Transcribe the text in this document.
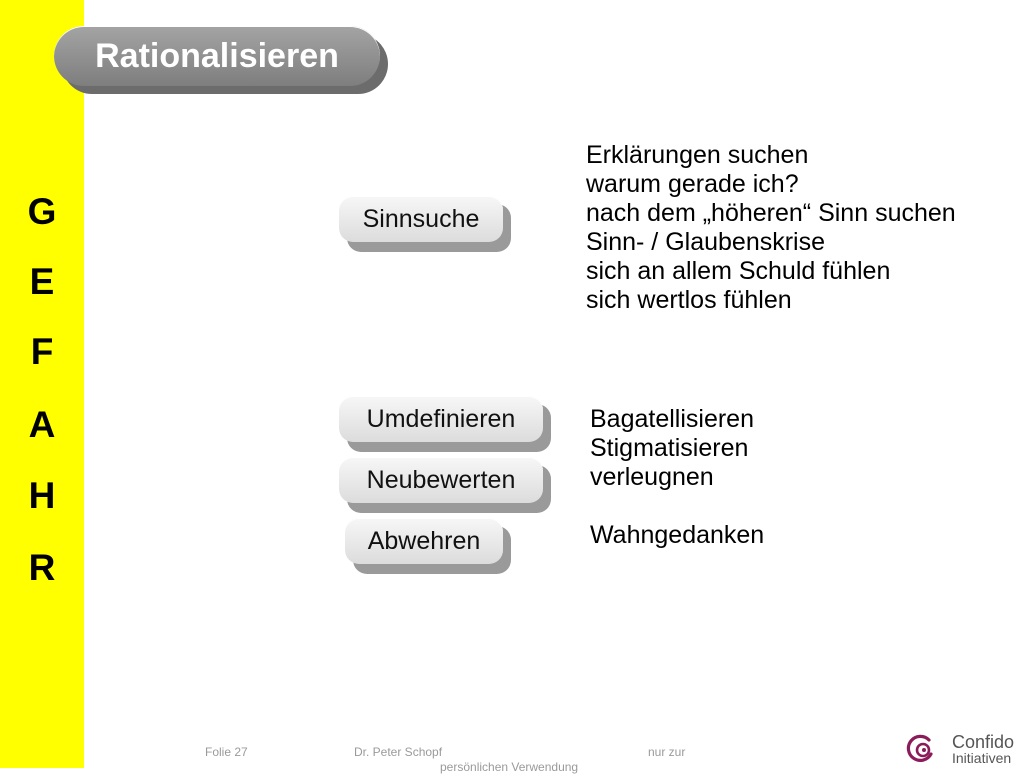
G
E
F
A
H
R
Rationalisieren
Sinnsuche
Erklärungen suchen
warum gerade ich?
nach dem „höheren“ Sinn suchen
Sinn- / Glaubenskrise
sich an allem Schuld fühlen
sich wertlos fühlen
Umdefinieren
Neubewerten
Abwehren
Bagatellisieren
Stigmatisieren
verleugnen
Wahngedanken
Folie 27	Dr. Peter Schopf	nur zur
persönlichen Verwendung
Confido
Initiativen
